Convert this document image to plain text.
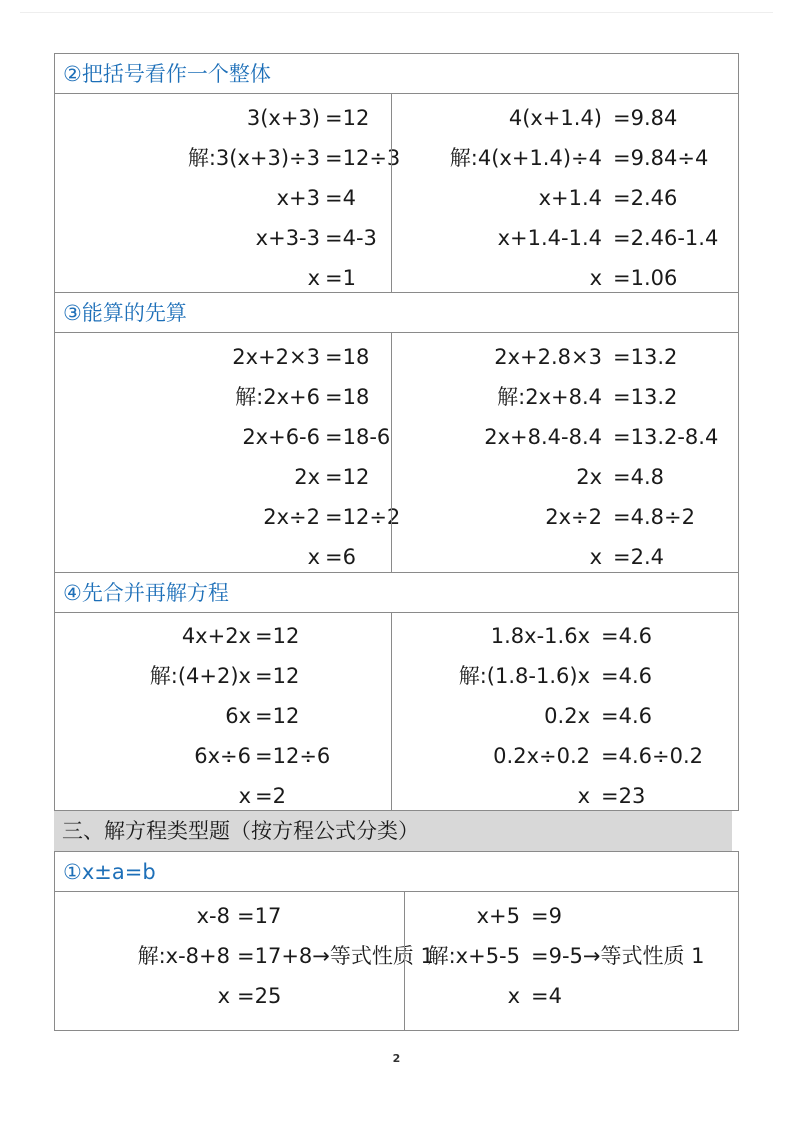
②把括号看作一个整体
3(x+3) =12
解:3(x+3)÷3 =12÷3
x+3 =4
x+3-3 =4-3
x =1
4(x+1.4) =9.84
解:4(x+1.4)÷4 =9.84÷4
x+1.4 =2.46
x+1.4-1.4 =2.46-1.4
x =1.06
③能算的先算
2x+2×3 =18
解:2x+6 =18
2x+6-6 =18-6
2x =12
2x÷2 =12÷2
x =6
2x+2.8×3 =13.2
解:2x+8.4 =13.2
2x+8.4-8.4 =13.2-8.4
2x =4.8
2x÷2 =4.8÷2
x =2.4
④先合并再解方程
4x+2x =12
解:(4+2)x =12
6x =12
6x÷6 =12÷6
x =2
1.8x-1.6x =4.6
解:(1.8-1.6)x =4.6
0.2x =4.6
0.2x÷0.2 =4.6÷0.2
x =23
三、解方程类型题（按方程公式分类）
①x±a=b
x-8 =17
解:x-8+8 =17+8→等式性质 1
x =25
x+5 =9
解:x+5-5 =9-5→等式性质 1
x =4
2
